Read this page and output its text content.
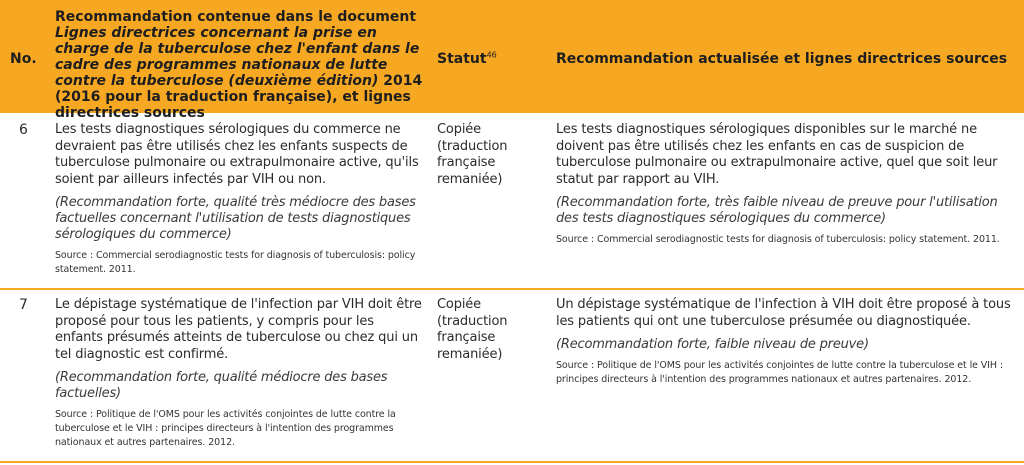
No.
Recommandation contenue dans le document
Lignes directrices concernant la prise en charge de la tuberculose chez l'enfant dans le cadre des programmes nationaux de lutte contre la tuberculose (deuxième édition) 2014 (2016 pour la traduction française), et lignes directrices sources
Statut$^{46}$	Recommandation actualisée et lignes directrices sources
6 Les tests diagnostiques sérologiques du commerce ne devraient pas être utilisés chez les enfants suspects de tuberculose pulmonaire ou extrapulmonaire active, qu'ils soient par ailleurs infectés par VIH ou non.

(Recommandation forte, qualité très médiocre des bases factuelles concernant l'utilisation de tests diagnostiques sérologiques du commerce)

Source : Commercial serodiagnostic tests for diagnosis of tuberculosis: policy statement. 2011.

Copiée (traduction française remaniée)

Les tests diagnostiques sérologiques disponibles sur le marché ne doivent pas être utilisés chez les enfants en cas de suspicion de tuberculose pulmonaire ou extrapulmonaire active, quel que soit leur statut par rapport au VIH.

(Recommandation forte, très faible niveau de preuve pour l'utilisation des tests diagnostiques sérologiques du commerce)

Source : Commercial serodiagnostic tests for diagnosis of tuberculosis: policy statement. 2011.

7 Le dépistage systématique de l'infection par VIH doit être proposé pour tous les patients, y compris pour les enfants présumés atteints de tuberculose ou chez qui un tel diagnostic est confirmé.

(Recommandation forte, qualité médiocre des bases factuelles)

Source : Politique de l'OMS pour les activités conjointes de lutte contre la tuberculose et le VIH : principes directeurs à l'intention des programmes nationaux et autres partenaires. 2012.

Copiée (traduction française remaniée)

Un dépistage systématique de l'infection à VIH doit être proposé à tous les patients qui ont une tuberculose présumée ou diagnostiquée.

(Recommandation forte, faible niveau de preuve)

Source : Politique de l'OMS pour les activités conjointes de lutte contre la tuberculose et le VIH : principes directeurs à l'intention des programmes nationaux et autres partenaires. 2012.
